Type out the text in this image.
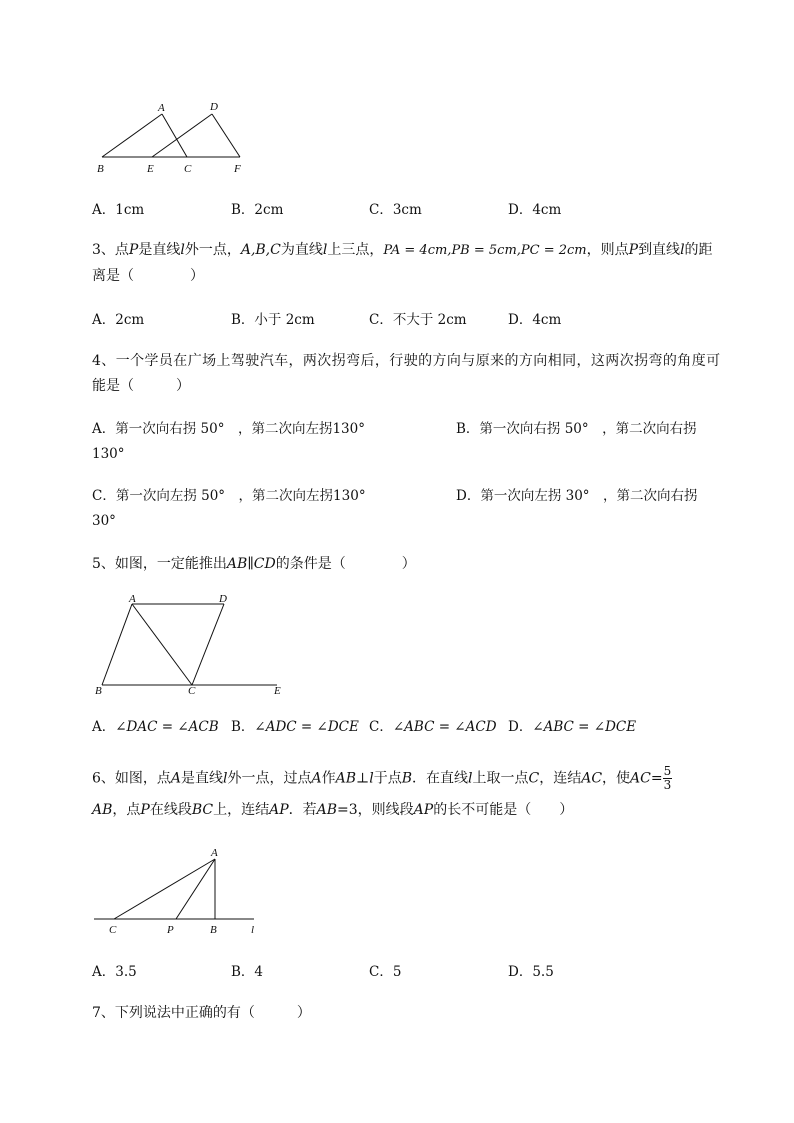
A	D
B	E	C	F
A．1cm	B．2cm	C．3cm	D．4cm
3、点P是直线l外一点，A,B,C为直线l上三点，PA = 4cm,PB = 5cm,PC = 2cm，则点P到直线l的距
离是（　　　　）
A．2cm	B．小于 2cm	C．不大于 2cm	D．4cm
4、一个学员在广场上驾驶汽车，两次拐弯后，行驶的方向与原来的方向相同，这两次拐弯的角度可
能是（　　　）
A．第一次向右拐 50°　，第二次向左拐130°	B．第一次向右拐 50°　，第二次向右拐
130°
C．第一次向左拐 50°　，第二次向左拐130°	D．第一次向左拐 30°　，第二次向右拐
30°
5、如图，一定能推出AB∥CD的条件是（　　　　）
A	D
B	C	E
A．∠DAC = ∠ACB B．∠ADC = ∠DCE C．∠ABC = ∠ACD D．∠ABC = ∠DCE
6、如图，点A是直线l外一点，过点A作AB⊥l于点B．在直线l上取一点C，连结AC，使$AC= \frac{5}{3}$
AB，点P在线段BC上，连结AP．若AB=3，则线段AP的长不可能是（　　）
A
C	P	B	l
A．3.5	B．4	C．5	D．5.5
7、下列说法中正确的有（　　　）
